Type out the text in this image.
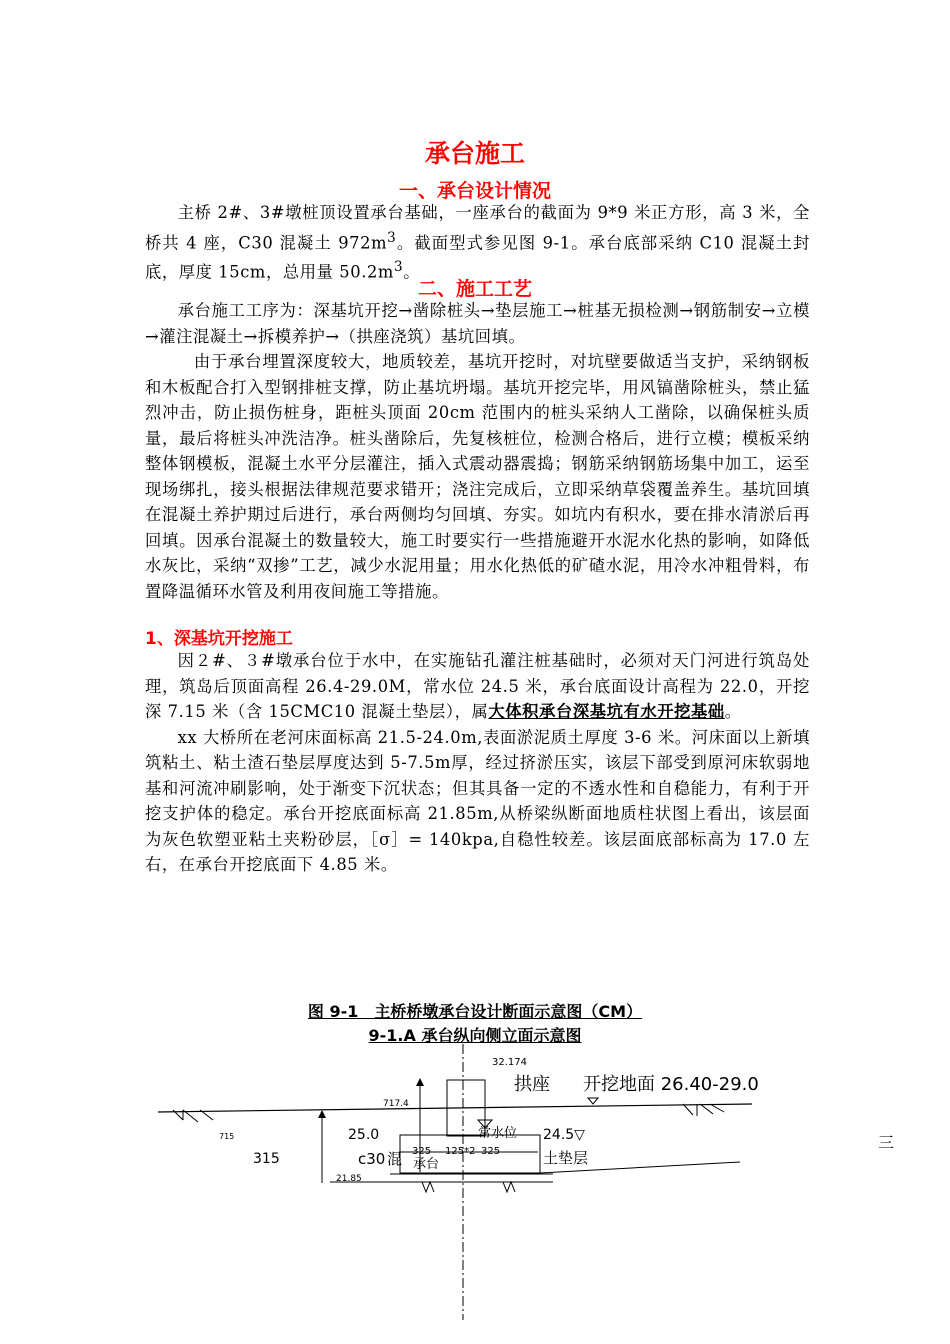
承台施工
一、承台设计情况

主桥 2#、3#墩桩顶设置承台基础，一座承台的截面为 9*9 米正方形，高 3 米，全桥共 4 座，C30 混凝土 $972m^3$。截面型式参见图 9-1。承台底部采纳 C10 混凝土封底，厚度 15cm，总用量 $50.2m^3$。

二、施工工艺

承台施工工序为：深基坑开挖→凿除桩头→垫层施工→桩基无损检测→钢筋制安→立模→灌注混凝土→拆模养护→（拱座浇筑）基坑回填。

由于承台埋置深度较大，地质较差，基坑开挖时，对坑壁要做适当支护，采纳钢板和木板配合打入型钢排桩支撑，防止基坑坍塌。基坑开挖完毕，用风镐凿除桩头，禁止猛烈冲击，防止损伤桩身，距桩头顶面 20cm 范围内的桩头采纳人工凿除，以确保桩头质量，最后将桩头冲洗洁净。桩头凿除后，先复核桩位，检测合格后，进行立模；模板采纳整体钢模板，混凝土水平分层灌注，插入式震动器震捣；钢筋采纳钢筋场集中加工，运至现场绑扎，接头根据法律规范要求错开；浇注完成后，立即采纳草袋覆盖养生。基坑回填在混凝土养护期过后进行，承台两侧均匀回填、夯实。如坑内有积水，要在排水清淤后再回填。因承台混凝土的数量较大，施工时要实行一些措施避开水泥水化热的影响，如降低水灰比，采纳“双掺”工艺，减少水泥用量；用水化热低的矿碴水泥，用冷水冲粗骨料，布置降温循环水管及利用夜间施工等措施。

1、深基坑开挖施工

因２#、３#墩承台位于水中，在实施钻孔灌注桩基础时，必须对天门河进行筑岛处理，筑岛后顶面高程 26.4-29.0M，常水位 24.5 米，承台底面设计高程为 22.0，开挖深 7.15 米（含 15CMC10 混凝土垫层），属大体积承台深基坑有水开挖基础。

xx 大桥所在老河床面标高 21.5-24.0m,表面淤泥质土厚度 3-6 米。河床面以上新填筑粘土、粘土渣石垫层厚度达到 5-7.5m厚，经过挤淤压实，该层下部受到原河床软弱地基和河流冲刷影响，处于渐变下沉状态；但其具备一定的不透水性和自稳能力，有利于开挖支护体的稳定。承台开挖底面标高 21.85m,从桥梁纵断面地质柱状图上看出，该层面为灰色软塑亚粘土夹粉砂层，［σ］= 140kpa,自稳性较差。该层面底部标高为 17.0 左右，在承台开挖底面下 4.85 米。

图 9-1　主桥桥墩承台设计断面示意图（CM）
9-1.A 承台纵向侧立面示意图
32.174
拱座 开挖地面 26.40-29.0
717.4
715	25.0	常水位 24.5▽
325 125*2 325
315	c30 混 承台	土垫层
21.85
三
